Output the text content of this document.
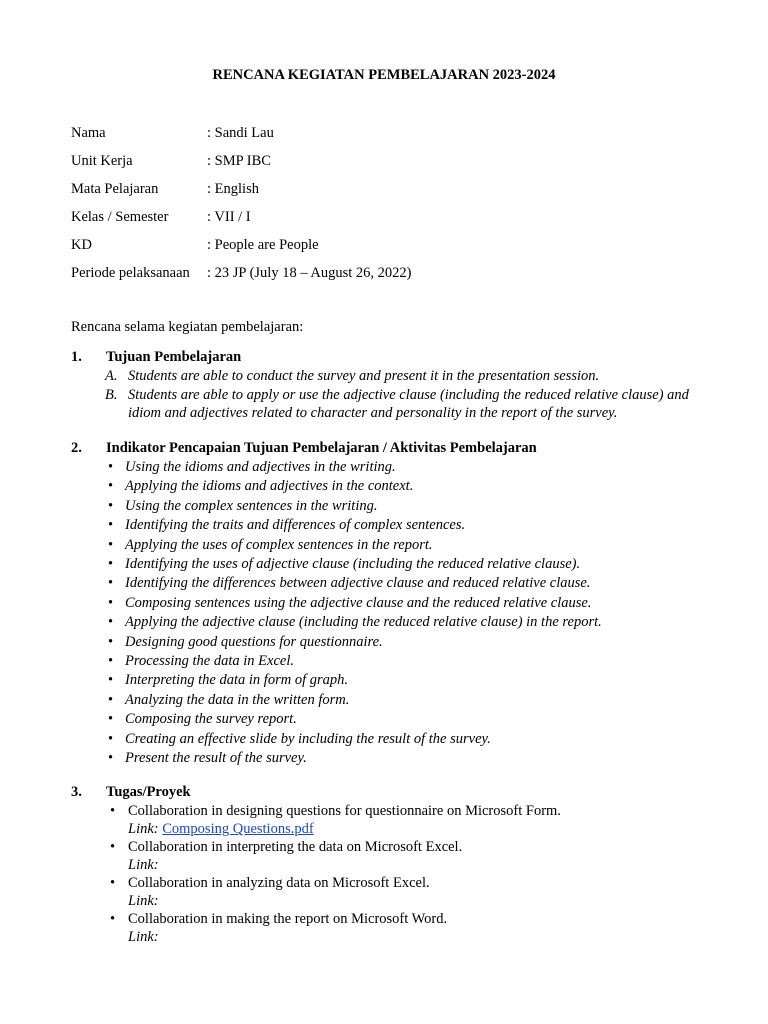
RENCANA KEGIATAN PEMBELAJARAN 2023-2024
Nama	: Sandi Lau
Unit Kerja	: SMP IBC
Mata Pelajaran	: English
Kelas / Semester	: VII / I
KD	: People are People
Periode pelaksanaan : 23 JP (July 18 – August 26, 2022)
Rencana selama kegiatan pembelajaran:
1. Tujuan Pembelajaran
A. Students are able to conduct the survey and present it in the presentation session.
B. Students are able to apply or use the adjective clause (including the reduced relative clause) and idiom and adjectives related to character and personality in the report of the survey.
2. Indikator Pencapaian Tujuan Pembelajaran / Aktivitas Pembelajaran
• Using the idioms and adjectives in the writing.
• Applying the idioms and adjectives in the context.
• Using the complex sentences in the writing.
• Identifying the traits and differences of complex sentences.
• Applying the uses of complex sentences in the report.
• Identifying the uses of adjective clause (including the reduced relative clause).
• Identifying the differences between adjective clause and reduced relative clause.
• Composing sentences using the adjective clause and the reduced relative clause.
• Applying the adjective clause (including the reduced relative clause) in the report.
• Designing good questions for questionnaire.
• Processing the data in Excel.
• Interpreting the data in form of graph.
• Analyzing the data in the written form.
• Composing the survey report.
• Creating an effective slide by including the result of the survey.
• Present the result of the survey.
3. Tugas/Proyek
• Collaboration in designing questions for questionnaire on Microsoft Form.
Link: Composing Questions.pdf
• Collaboration in interpreting the data on Microsoft Excel.
Link:
• Collaboration in analyzing data on Microsoft Excel.
Link:
• Collaboration in making the report on Microsoft Word.
Link:
